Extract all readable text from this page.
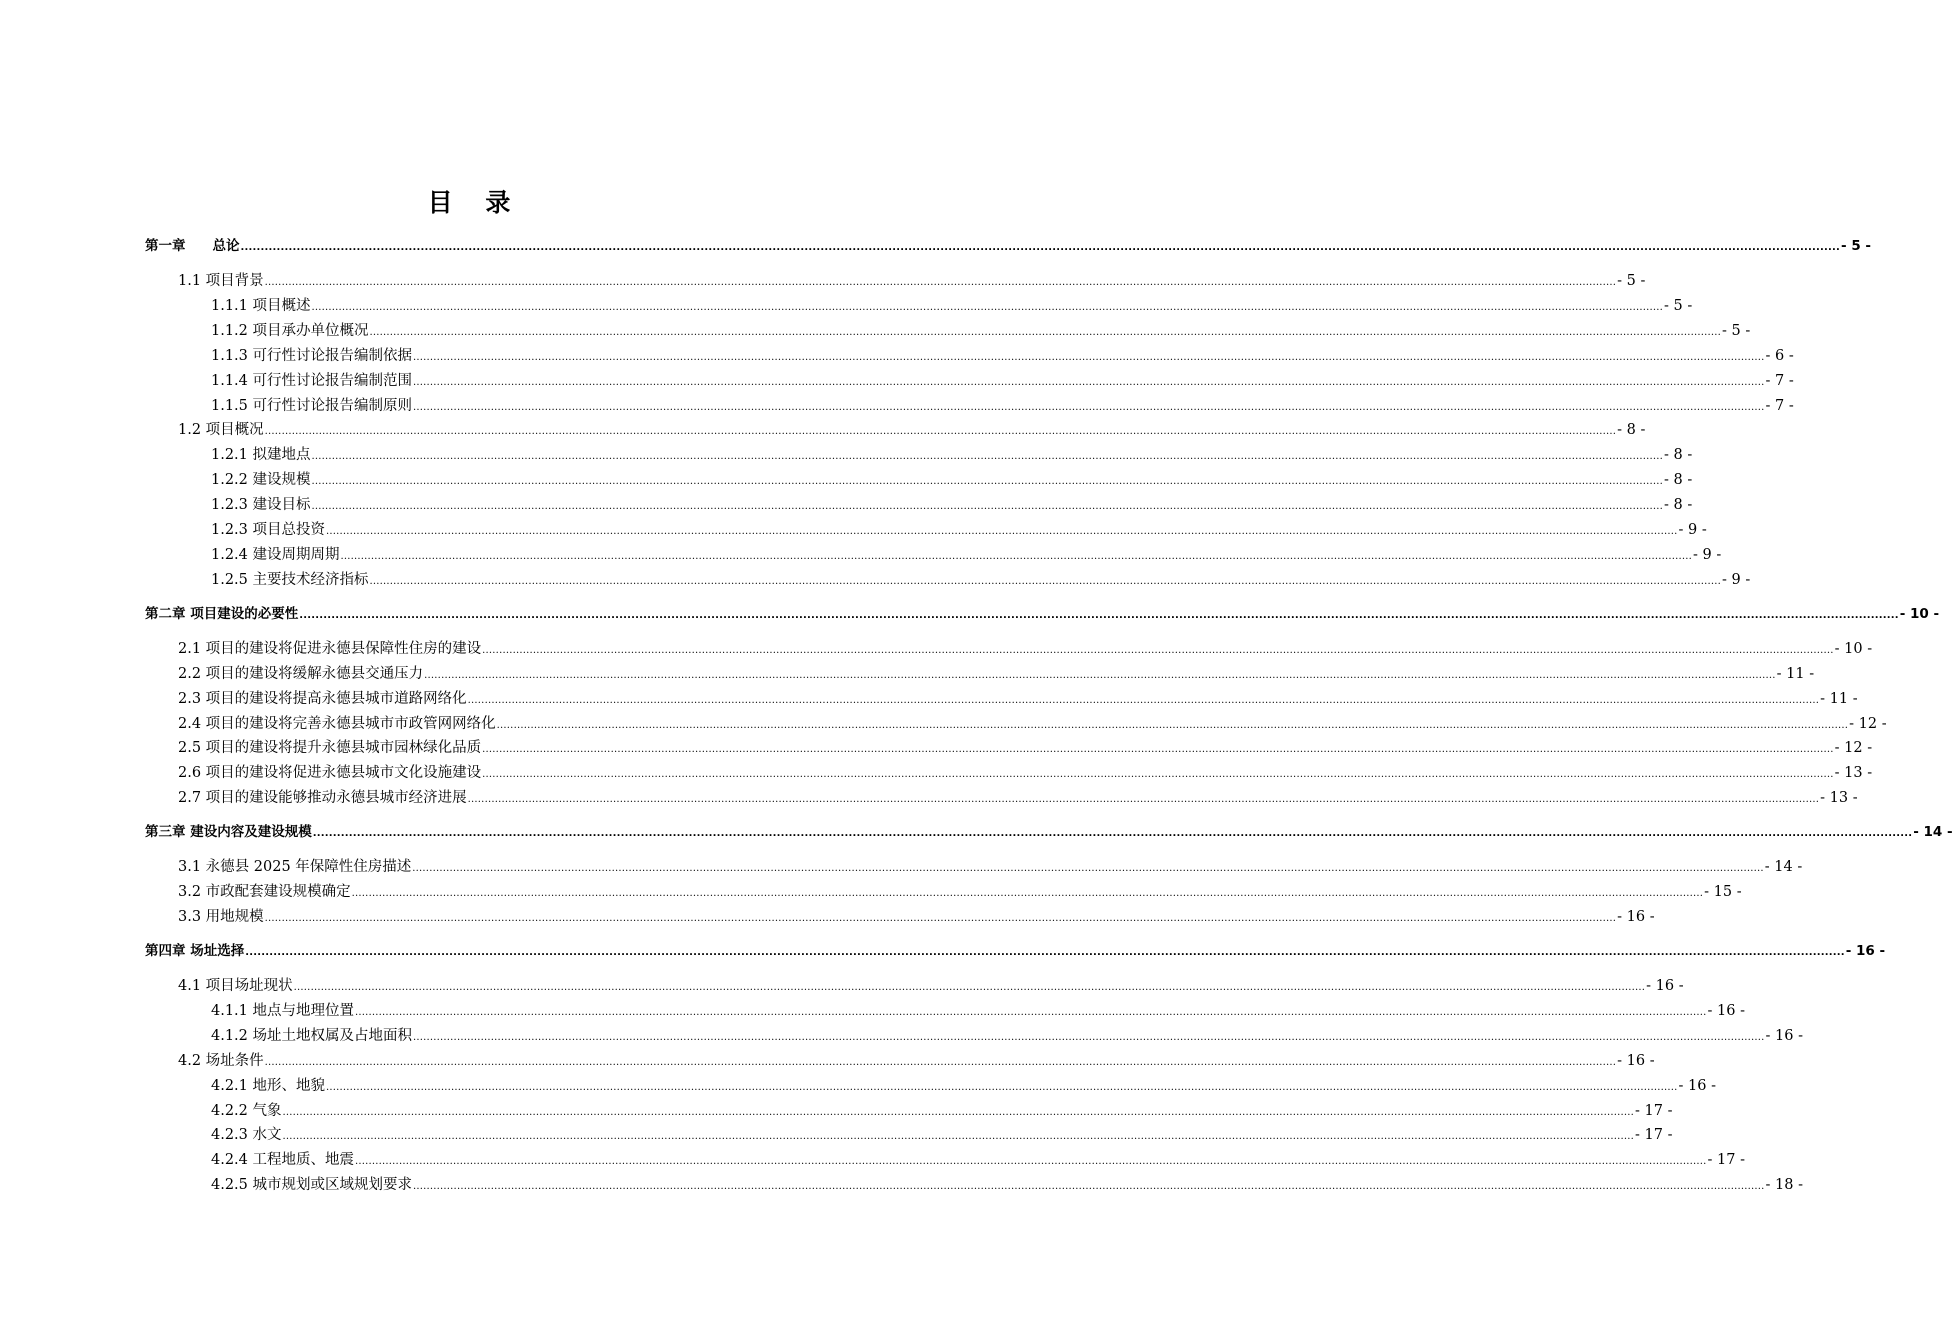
目 录
第一章　　总论 ................................................................................................................................................................................................................................................................................................................................................................................................................ - 5 -
1.1 项目背景 ................................................................................................................................................................................................................................................................................................................................................................................................................ - 5 -
1.1.1 项目概述 ................................................................................................................................................................................................................................................................................................................................................................................................................ - 5 -
1.1.2 项目承办单位概况 ................................................................................................................................................................................................................................................................................................................................................................................................................ - 5 -
1.1.3 可行性讨论报告编制依据 ................................................................................................................................................................................................................................................................................................................................................................................................................ - 6 -
1.1.4 可行性讨论报告编制范围 ................................................................................................................................................................................................................................................................................................................................................................................................................ - 7 -
1.1.5 可行性讨论报告编制原则 ................................................................................................................................................................................................................................................................................................................................................................................................................ - 7 -
1.2 项目概况 ................................................................................................................................................................................................................................................................................................................................................................................................................ - 8 -
1.2.1 拟建地点 ................................................................................................................................................................................................................................................................................................................................................................................................................ - 8 -
1.2.2 建设规模 ................................................................................................................................................................................................................................................................................................................................................................................................................ - 8 -
1.2.3 建设目标 ................................................................................................................................................................................................................................................................................................................................................................................................................ - 8 -
1.2.3 项目总投资 ................................................................................................................................................................................................................................................................................................................................................................................................................ - 9 -
1.2.4 建设周期周期 ................................................................................................................................................................................................................................................................................................................................................................................................................ - 9 -
1.2.5 主要技术经济指标 ................................................................................................................................................................................................................................................................................................................................................................................................................ - 9 -
第二章 项目建设的必要性 ................................................................................................................................................................................................................................................................................................................................................................................................................ - 10 -
2.1 项目的建设将促进永德县保障性住房的建设 ................................................................................................................................................................................................................................................................................................................................................................................................................ - 10 -
2.2 项目的建设将缓解永德县交通压力 ................................................................................................................................................................................................................................................................................................................................................................................................................ - 11 -
2.3 项目的建设将提高永德县城市道路网络化 ................................................................................................................................................................................................................................................................................................................................................................................................................ - 11 -
2.4 项目的建设将完善永德县城市市政管网网络化 ................................................................................................................................................................................................................................................................................................................................................................................................................ - 12 -
2.5 项目的建设将提升永德县城市园林绿化品质 ................................................................................................................................................................................................................................................................................................................................................................................................................ - 12 -
2.6 项目的建设将促进永德县城市文化设施建设 ................................................................................................................................................................................................................................................................................................................................................................................................................ - 13 -
2.7 项目的建设能够推动永德县城市经济进展 ................................................................................................................................................................................................................................................................................................................................................................................................................ - 13 -
第三章 建设内容及建设规模 ................................................................................................................................................................................................................................................................................................................................................................................................................ - 14 -
3.1 永德县 2025 年保障性住房描述 ................................................................................................................................................................................................................................................................................................................................................................................................................ - 14 -
3.2 市政配套建设规模确定 ................................................................................................................................................................................................................................................................................................................................................................................................................ - 15 -
3.3 用地规模 ................................................................................................................................................................................................................................................................................................................................................................................................................ - 16 -
第四章 场址选择 ................................................................................................................................................................................................................................................................................................................................................................................................................ - 16 -
4.1 项目场址现状 ................................................................................................................................................................................................................................................................................................................................................................................................................ - 16 -
4.1.1 地点与地理位置 ................................................................................................................................................................................................................................................................................................................................................................................................................ - 16 -
4.1.2 场址土地权属及占地面积 ................................................................................................................................................................................................................................................................................................................................................................................................................ - 16 -
4.2 场址条件 ................................................................................................................................................................................................................................................................................................................................................................................................................ - 16 -
4.2.1 地形、地貌 ................................................................................................................................................................................................................................................................................................................................................................................................................ - 16 -
4.2.2 气象 ................................................................................................................................................................................................................................................................................................................................................................................................................ - 17 -
4.2.3 水文 ................................................................................................................................................................................................................................................................................................................................................................................................................ - 17 -
4.2.4 工程地质、地震 ................................................................................................................................................................................................................................................................................................................................................................................................................ - 17 -
4.2.5 城市规划或区域规划要求 ................................................................................................................................................................................................................................................................................................................................................................................................................ - 18 -
